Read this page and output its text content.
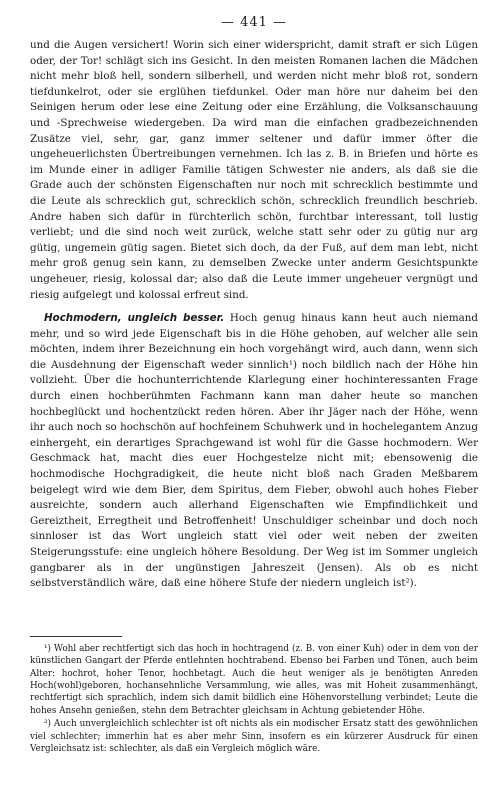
— 441 —

und die Augen versichert! Worin sich einer widerspricht, damit straft er sich Lügen oder, der Tor! schlägt sich ins Gesicht. In den meisten Romanen lachen die Mädchen nicht mehr bloß hell, sondern silberhell, und werden nicht mehr bloß rot, sondern tiefdunkelrot, oder sie erglühen tiefdunkel. Oder man höre nur daheim bei den Seinigen herum oder lese eine Zeitung oder eine Erzählung, die Volksanschauung und -Sprechweise wiedergeben. Da wird man die einfachen gradbezeichnenden Zusätze viel, sehr, gar, ganz immer seltener und dafür immer öfter die ungeheuerlichsten Übertreibungen vernehmen. Ich las z. B. in Briefen und hörte es im Munde einer in adliger Familie tätigen Schwester nie anders, als daß sie die Grade auch der schönsten Eigenschaften nur noch mit schrecklich bestimmte und die Leute als schrecklich gut, schrecklich schön, schrecklich freundlich beschrieb. Andre haben sich dafür in fürchterlich schön, furchtbar interessant, toll lustig verliebt; und die sind noch weit zurück, welche statt sehr oder zu gütig nur arg gütig, ungemein gütig sagen. Bietet sich doch, da der Fuß, auf dem man lebt, nicht mehr groß genug sein kann, zu demselben Zwecke unter anderm Gesichtspunkte ungeheuer, riesig, kolossal dar; also daß die Leute immer ungeheuer vergnügt und riesig aufgelegt und kolossal erfreut sind.

Hochmodern, ungleich besser. Hoch genug hinaus kann heut auch niemand mehr, und so wird jede Eigenschaft bis in die Höhe gehoben, auf welcher alle sein möchten, indem ihrer Bezeichnung ein hoch vorgehängt wird, auch dann, wenn sich die Ausdehnung der Eigenschaft weder sinnlich¹) noch bildlich nach der Höhe hin vollzieht. Über die hochunterrichtende Klarlegung einer hochinteressanten Frage durch einen hochberühmten Fachmann kann man daher heute so manchen hochbeglückt und hochentzückt reden hören. Aber ihr Jäger nach der Höhe, wenn ihr auch noch so hochschön auf hochfeinem Schuhwerk und in hochelegantem Anzug einhergeht, ein derartiges Sprachgewand ist wohl für die Gasse hochmodern. Wer Geschmack hat, macht dies euer Hochgestelze nicht mit; ebensowenig die hochmodische Hochgradigkeit, die heute nicht bloß nach Graden Meßbarem beigelegt wird wie dem Bier, dem Spiritus, dem Fieber, obwohl auch hohes Fieber ausreichte, sondern auch allerhand Eigenschaften wie Empfindlichkeit und Gereiztheit, Erregtheit und Betroffenheit! Unschuldiger scheinbar und doch noch sinnloser ist das Wort ungleich statt viel oder weit neben der zweiten Steigerungsstufe: eine ungleich höhere Besoldung. Der Weg ist im Sommer ungleich gangbarer als in der ungünstigen Jahreszeit (Jensen). Als ob es nicht selbstverständlich wäre, daß eine höhere Stufe der niedern ungleich ist²).

¹) Wohl aber rechtfertigt sich das hoch in hochtragend (z. B. von einer Kuh) oder in dem von der künstlichen Gangart der Pferde entlehnten hochtrabend. Ebenso bei Farben und Tönen, auch beim Alter: hochrot, hoher Tenor, hochbetagt. Auch die heut weniger als je benötigten Anreden Hoch(wohl)geboren, hochansehnliche Versammlung, wie alles, was mit Hoheit zusammenhängt, rechtfertigt sich sprachlich, indem sich damit bildlich eine Höhenvorstellung verbindet; Leute die hohes Ansehn genießen, stehn dem Betrachter gleichsam in Achtung gebietender Höhe.

²) Auch unvergleichlich schlechter ist oft nichts als ein modischer Ersatz statt des gewöhnlichen viel schlechter; immerhin hat es aber mehr Sinn, insofern es ein kürzerer Ausdruck für einen Vergleichsatz ist: schlechter, als daß ein Vergleich möglich wäre.
